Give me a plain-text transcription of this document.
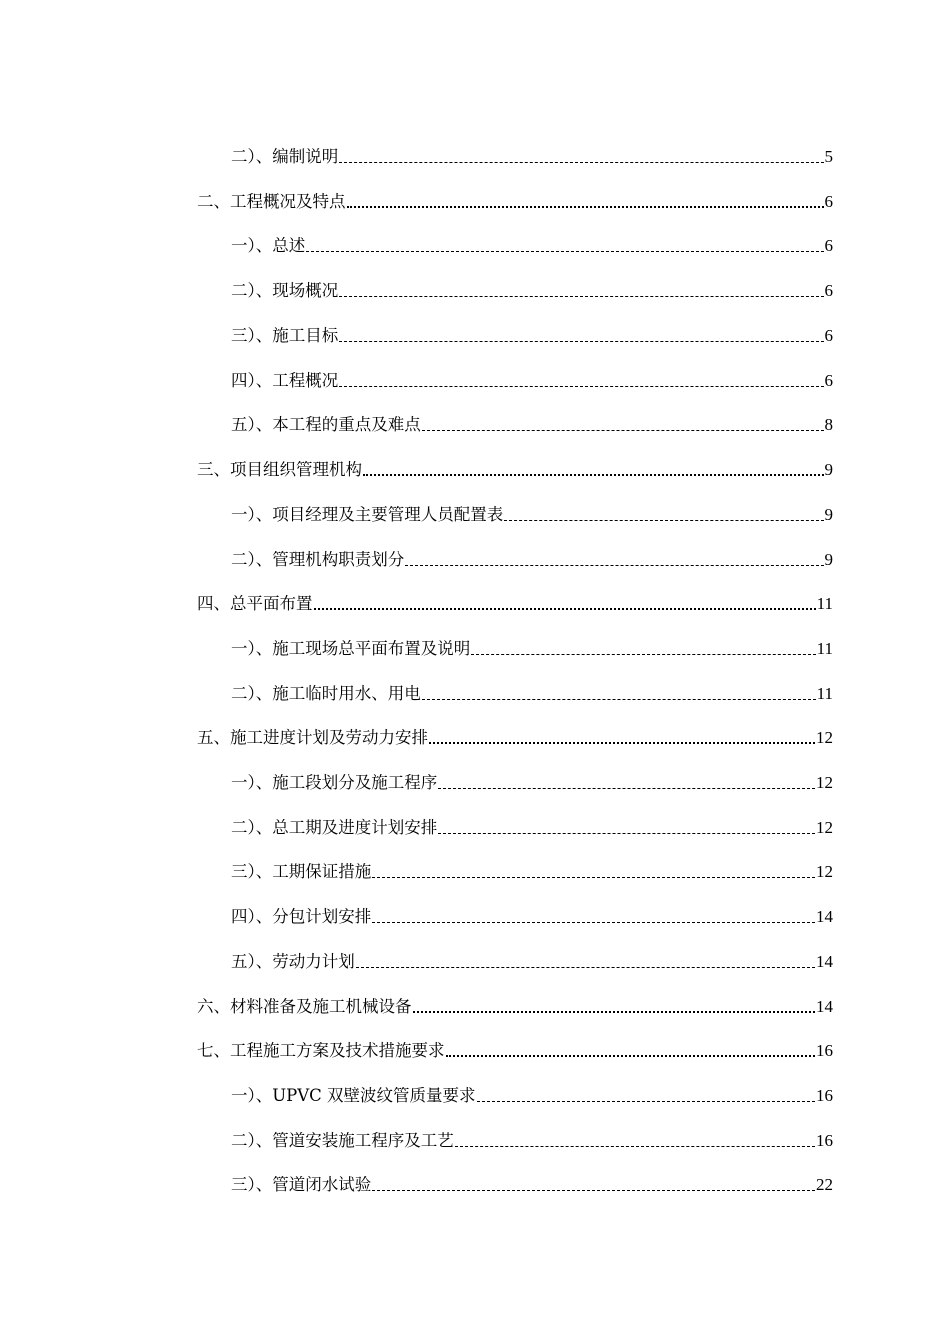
二）、编制说明	5
二、工程概况及特点	6
一）、总述	6
二）、现场概况	6
三）、施工目标	6
四）、工程概况	6
五）、本工程的重点及难点	8
三、项目组织管理机构	9
一）、项目经理及主要管理人员配置表	9
二）、管理机构职责划分	9
四、总平面布置	11
一）、施工现场总平面布置及说明	11
二）、施工临时用水、用电	11
五、施工进度计划及劳动力安排	12
一）、施工段划分及施工程序	12
二）、总工期及进度计划安排	12
三）、工期保证措施	12
四）、分包计划安排	14
五）、劳动力计划	14
六、材料准备及施工机械设备	14
七、工程施工方案及技术措施要求	16
一）、UPVC 双壁波纹管质量要求	16
二）、管道安装施工程序及工艺	16
三）、管道闭水试验	22
